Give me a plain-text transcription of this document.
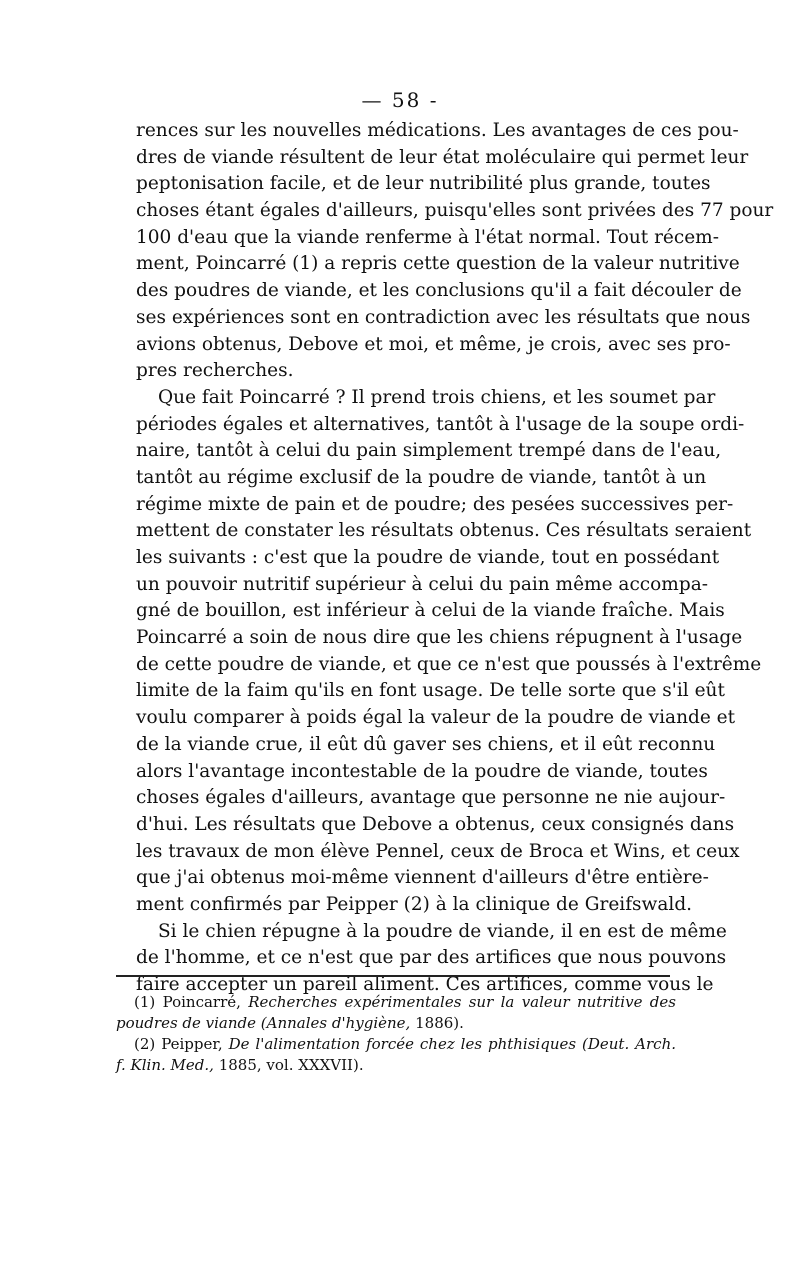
— 58 -
rences sur les nouvelles médications. Les avantages de ces pou-
dres de viande résultent de leur état moléculaire qui permet leur
peptonisation facile, et de leur nutribilité plus grande, toutes
choses étant égales d'ailleurs, puisqu'elles sont privées des 77 pour
100 d'eau que la viande renferme à l'état normal. Tout récem-
ment, Poincarré (1) a repris cette question de la valeur nutritive
des poudres de viande, et les conclusions qu'il a fait découler de
ses expériences sont en contradiction avec les résultats que nous
avions obtenus, Debove et moi, et même, je crois, avec ses pro-
pres recherches.
Que fait Poincarré ? Il prend trois chiens, et les soumet par
périodes égales et alternatives, tantôt à l'usage de la soupe ordi-
naire, tantôt à celui du pain simplement trempé dans de l'eau,
tantôt au régime exclusif de la poudre de viande, tantôt à un
régime mixte de pain et de poudre; des pesées successives per-
mettent de constater les résultats obtenus. Ces résultats seraient
les suivants : c'est que la poudre de viande, tout en possédant
un pouvoir nutritif supérieur à celui du pain même accompa-
gné de bouillon, est inférieur à celui de la viande fraîche. Mais
Poincarré a soin de nous dire que les chiens répugnent à l'usage
de cette poudre de viande, et que ce n'est que poussés à l'extrême
limite de la faim qu'ils en font usage. De telle sorte que s'il eût
voulu comparer à poids égal la valeur de la poudre de viande et
de la viande crue, il eût dû gaver ses chiens, et il eût reconnu
alors l'avantage incontestable de la poudre de viande, toutes
choses égales d'ailleurs, avantage que personne ne nie aujour-
d'hui. Les résultats que Debove a obtenus, ceux consignés dans
les travaux de mon élève Pennel, ceux de Broca et Wins, et ceux
que j'ai obtenus moi-même viennent d'ailleurs d'être entière-
ment confirmés par Peipper (2) à la clinique de Greifswald.
Si le chien répugne à la poudre de viande, il en est de même
de l'homme, et ce n'est que par des artifices que nous pouvons
faire accepter un pareil aliment. Ces artifices, comme vous le
(1) Poincarré, Recherches expérimentales sur la valeur nutritive des
poudres de viande (Annales d'hygiène, 1886).
(2) Peipper, De l'alimentation forcée chez les phthisiques (Deut. Arch.
f. Klin. Med., 1885, vol. XXXVII).
